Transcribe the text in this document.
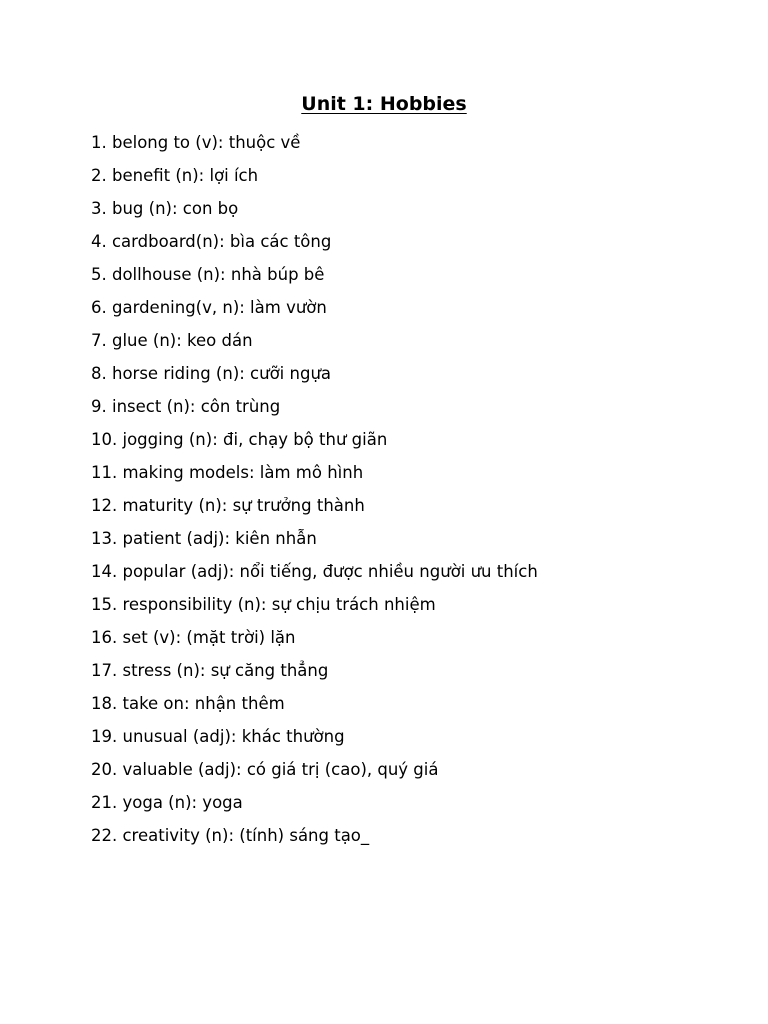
Unit 1: Hobbies
1. belong to (v): thuộc về
2. benefit (n): lợi ích
3. bug (n): con bọ
4. cardboard(n): bìa các tông
5. dollhouse (n): nhà búp bê
6. gardening(v, n): làm vườn
7. glue (n): keo dán
8. horse riding (n): cưỡi ngựa
9. insect (n): côn trùng
10. jogging (n): đi, chạy bộ thư giãn
11. making models: làm mô hình
12. maturity (n): sự trưởng thành
13. patient (adj): kiên nhẫn
14. popular (adj): nổi tiếng, được nhiều người ưu thích
15. responsibility (n): sự chịu trách nhiệm
16. set (v): (mặt trời) lặn
17. stress (n): sự căng thẳng
18. take on: nhận thêm
19. unusual (adj): khác thường
20. valuable (adj): có giá trị (cao), quý giá
21. yoga (n): yoga
22. creativity (n): (tính) sáng tạo_
